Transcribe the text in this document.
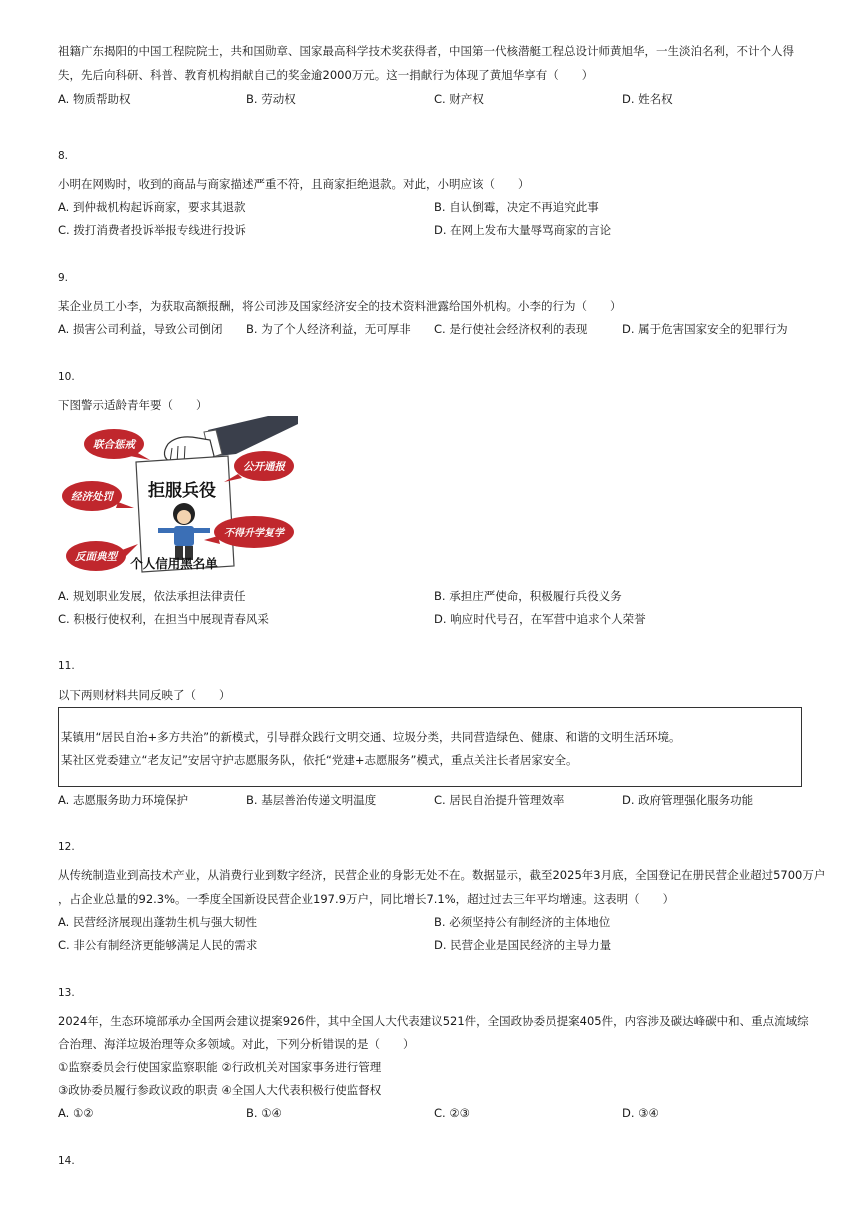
祖籍广东揭阳的中国工程院院士，共和国勋章、国家最高科学技术奖获得者，中国第一代核潜艇工程总设计师黄旭华，一生淡泊名利，不计个人得
失，先后向科研、科普、教育机构捐献自己的奖金逾2000万元。这一捐献行为体现了黄旭华享有（　　）
A. 物质帮助权	B. 劳动权	C. 财产权	D. 姓名权
8.
小明在网购时，收到的商品与商家描述严重不符，且商家拒绝退款。对此，小明应该（　　）
A. 到仲裁机构起诉商家，要求其退款	B. 自认倒霉，决定不再追究此事
C. 拨打消费者投诉举报专线进行投诉	D. 在网上发布大量辱骂商家的言论
9.
某企业员工小李，为获取高额报酬，将公司涉及国家经济安全的技术资料泄露给国外机构。小李的行为（　　）
A. 损害公司利益，导致公司倒闭 B. 为了个人经济利益，无可厚非 C. 是行使社会经济权利的表现	D. 属于危害国家安全的犯罪行为
10.
下图警示适龄青年要（　　）
拒服兵役
个人信用黑名单
联合惩戒
公开通报
经济处罚
不得升学复学
反面典型
A. 规划职业发展，依法承担法律责任	B. 承担庄严使命，积极履行兵役义务
C. 积极行使权利，在担当中展现青春风采	D. 响应时代号召，在军营中追求个人荣誉
11.
以下两则材料共同反映了（　　）
某镇用“居民自治+多方共治”的新模式，引导群众践行文明交通、垃圾分类，共同营造绿色、健康、和谐的文明生活环境。
某社区党委建立“老友记”安居守护志愿服务队，依托“党建+志愿服务”模式，重点关注长者居家安全。
A. 志愿服务助力环境保护	B. 基层善治传递文明温度	C. 居民自治提升管理效率	D. 政府管理强化服务功能
12.
从传统制造业到高技术产业，从消费行业到数字经济，民营企业的身影无处不在。数据显示，截至2025年3月底，全国登记在册民营企业超过5700万户
，占企业总量的92.3%。一季度全国新设民营企业197.9万户，同比增长7.1%，超过过去三年平均增速。这表明（　　）
A. 民营经济展现出蓬勃生机与强大韧性	B. 必须坚持公有制经济的主体地位
C. 非公有制经济更能够满足人民的需求	D. 民营企业是国民经济的主导力量
13.
2024年，生态环境部承办全国两会建议提案926件，其中全国人大代表建议521件，全国政协委员提案405件，内容涉及碳达峰碳中和、重点流域综
合治理、海洋垃圾治理等众多领域。对此，下列分析错误的是（　　）
①监察委员会行使国家监察职能 ②行政机关对国家事务进行管理
③政协委员履行参政议政的职责 ④全国人大代表积极行使监督权
A. ①②	B. ①④	C. ②③	D. ③④
14.
